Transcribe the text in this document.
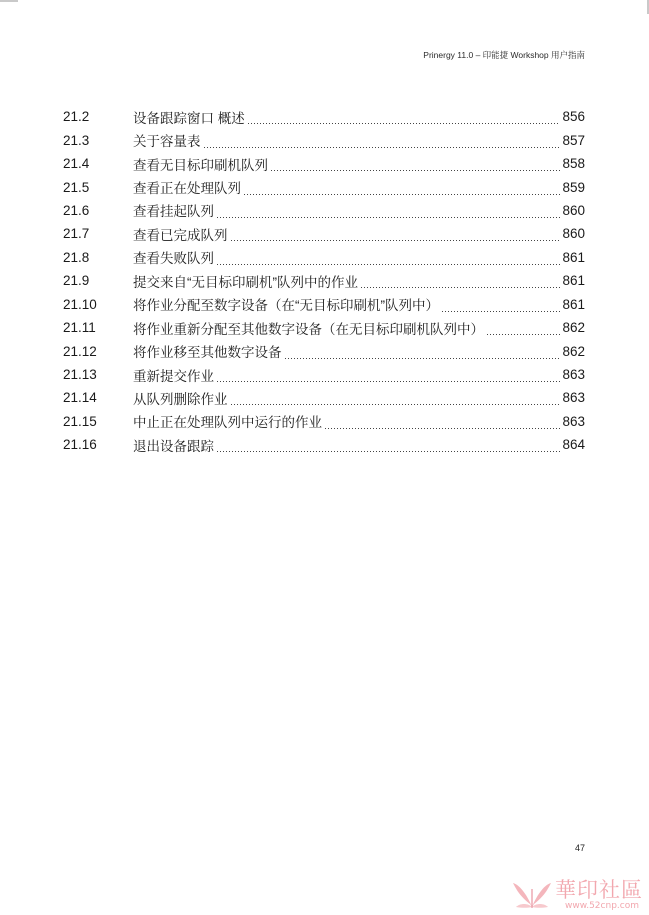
Prinergy 11.0 – 印能捷 Workshop 用户指南
21.2	设备跟踪窗口 概述	856
21.3	关于容量表	857
21.4	查看无目标印刷机队列	858
21.5	查看正在处理队列	859
21.6	查看挂起队列	860
21.7	查看已完成队列	860
21.8	查看失败队列	861
21.9	提交来自“无目标印刷机”队列中的作业	861
21.10	将作业分配至数字设备（在“无目标印刷机”队列中）	861
21.11	将作业重新分配至其他数字设备（在无目标印刷机队列中）	862
21.12	将作业移至其他数字设备	862
21.13	重新提交作业	863
21.14	从队列删除作业	863
21.15	中止正在处理队列中运行的作业	863
21.16	退出设备跟踪	864
47
華印社區
www.52cnp.com
